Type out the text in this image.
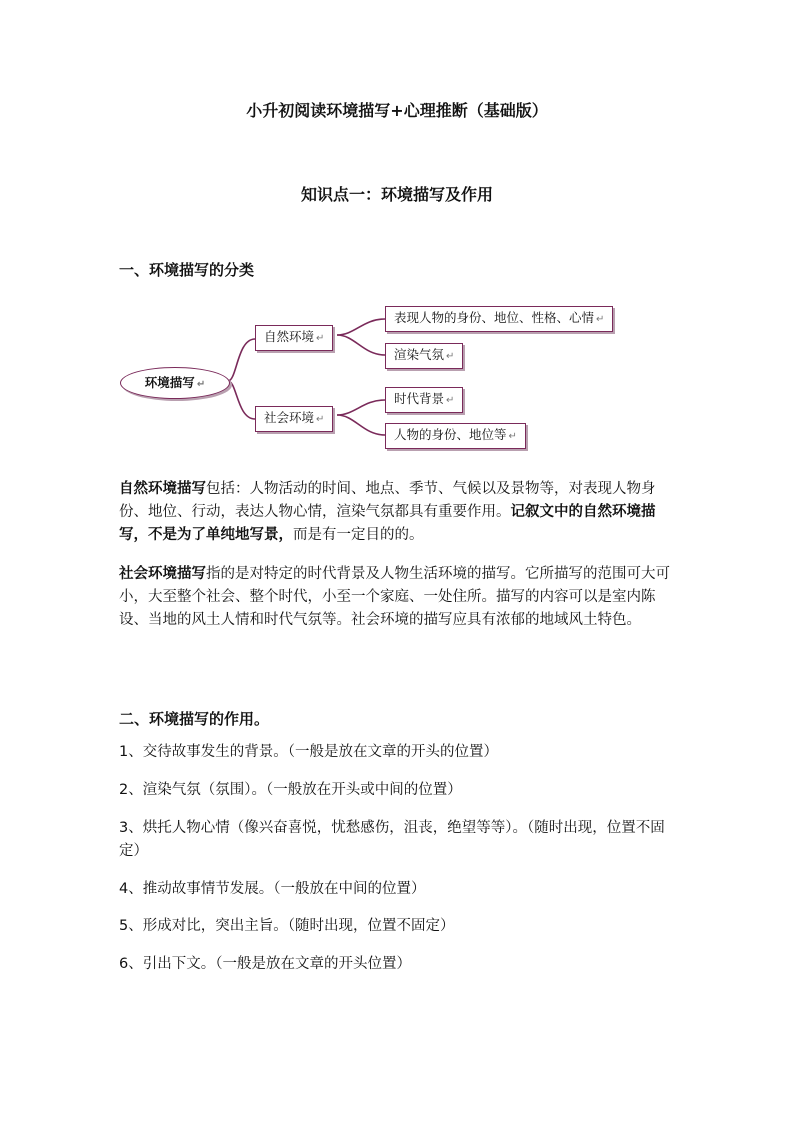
小升初阅读环境描写+心理推断（基础版）
知识点一：环境描写及作用
一、环境描写的分类
环境描写 ↵
自然环境 ↵
社会环境 ↵
表现人物的身份、地位、性格、心情 ↵
渲染气氛 ↵
时代背景 ↵
人物的身份、地位等 ↵
自然环境描写包括：人物活动的时间、地点、季节、气候以及景物等，对表现人物身份、地位、行动，表达人物心情，渲染气氛都具有重要作用。记叙文中的自然环境描写，不是为了单纯地写景，而是有一定目的的。
社会环境描写指的是对特定的时代背景及人物生活环境的描写。它所描写的范围可大可小，大至整个社会、整个时代，小至一个家庭、一处住所。描写的内容可以是室内陈设、当地的风土人情和时代气氛等。社会环境的描写应具有浓郁的地域风土特色。
二、环境描写的作用。
1、交待故事发生的背景。（一般是放在文章的开头的位置）
2、渲染气氛（氛围）。（一般放在开头或中间的位置）
3、烘托人物心情（像兴奋喜悦，忧愁感伤，沮丧，绝望等等）。（随时出现，位置不固定）
4、推动故事情节发展。（一般放在中间的位置）
5、形成对比，突出主旨。（随时出现，位置不固定）
6、引出下文。（一般是放在文章的开头位置）
